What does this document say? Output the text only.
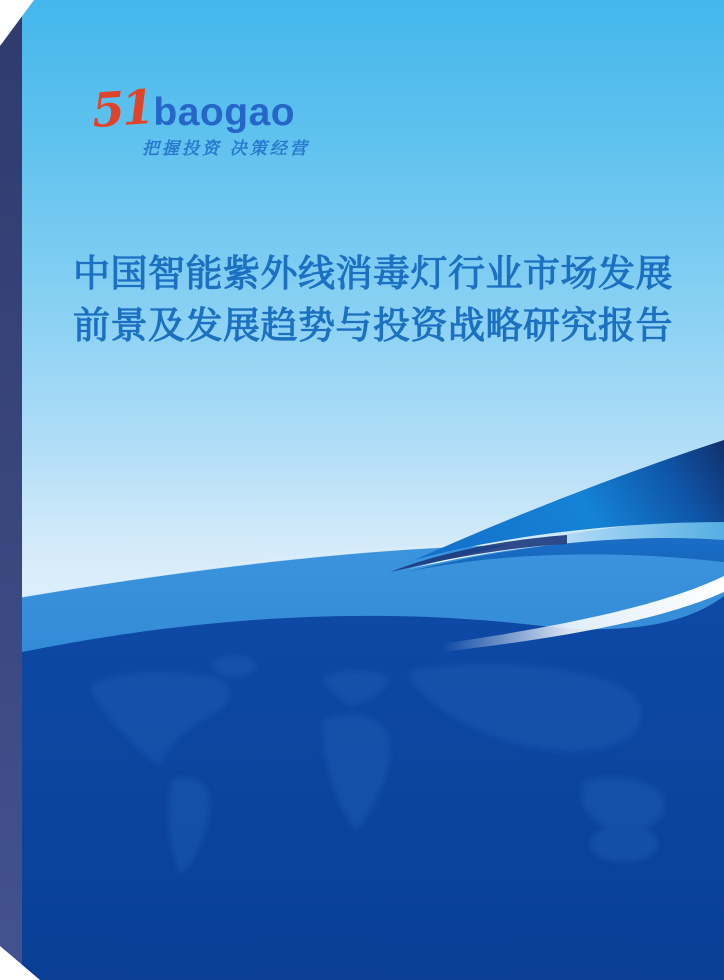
51 baogao
把握投资 决策经营
中国智能紫外线消毒灯行业市场发展
前景及发展趋势与投资战略研究报告
